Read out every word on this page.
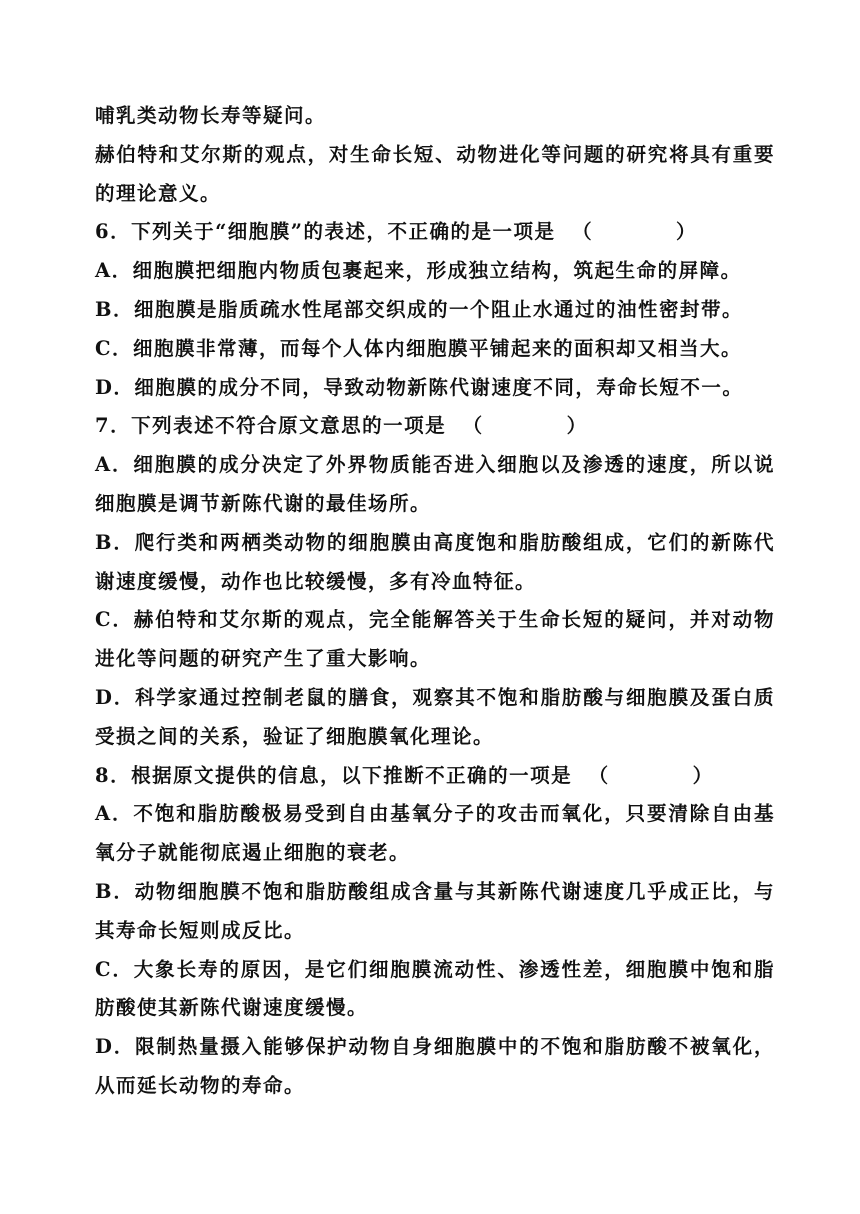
哺乳类动物长寿等疑问。

赫伯特和艾尔斯的观点，对生命长短、动物进化等问题的研究将具有重要的理论意义。

6．下列关于“细胞膜”的表述，不正确的是一项是 （	）

A．细胞膜把细胞内物质包裹起来，形成独立结构，筑起生命的屏障。

B．细胞膜是脂质疏水性尾部交织成的一个阻止水通过的油性密封带。

C．细胞膜非常薄，而每个人体内细胞膜平铺起来的面积却又相当大。

D．细胞膜的成分不同，导致动物新陈代谢速度不同，寿命长短不一。

7．下列表述不符合原文意思的一项是 （	）

A．细胞膜的成分决定了外界物质能否进入细胞以及渗透的速度，所以说细胞膜是调节新陈代谢的最佳场所。

B．爬行类和两栖类动物的细胞膜由高度饱和脂肪酸组成，它们的新陈代谢速度缓慢，动作也比较缓慢，多有冷血特征。

C．赫伯特和艾尔斯的观点，完全能解答关于生命长短的疑问，并对动物进化等问题的研究产生了重大影响。

D．科学家通过控制老鼠的膳食，观察其不饱和脂肪酸与细胞膜及蛋白质受损之间的关系，验证了细胞膜氧化理论。

8．根据原文提供的信息，以下推断不正确的一项是 （	）

A．不饱和脂肪酸极易受到自由基氧分子的攻击而氧化，只要清除自由基氧分子就能彻底遏止细胞的衰老。

B．动物细胞膜不饱和脂肪酸组成含量与其新陈代谢速度几乎成正比，与其寿命长短则成反比。

C．大象长寿的原因，是它们细胞膜流动性、渗透性差，细胞膜中饱和脂肪酸使其新陈代谢速度缓慢。

D．限制热量摄入能够保护动物自身细胞膜中的不饱和脂肪酸不被氧化，从而延长动物的寿命。
